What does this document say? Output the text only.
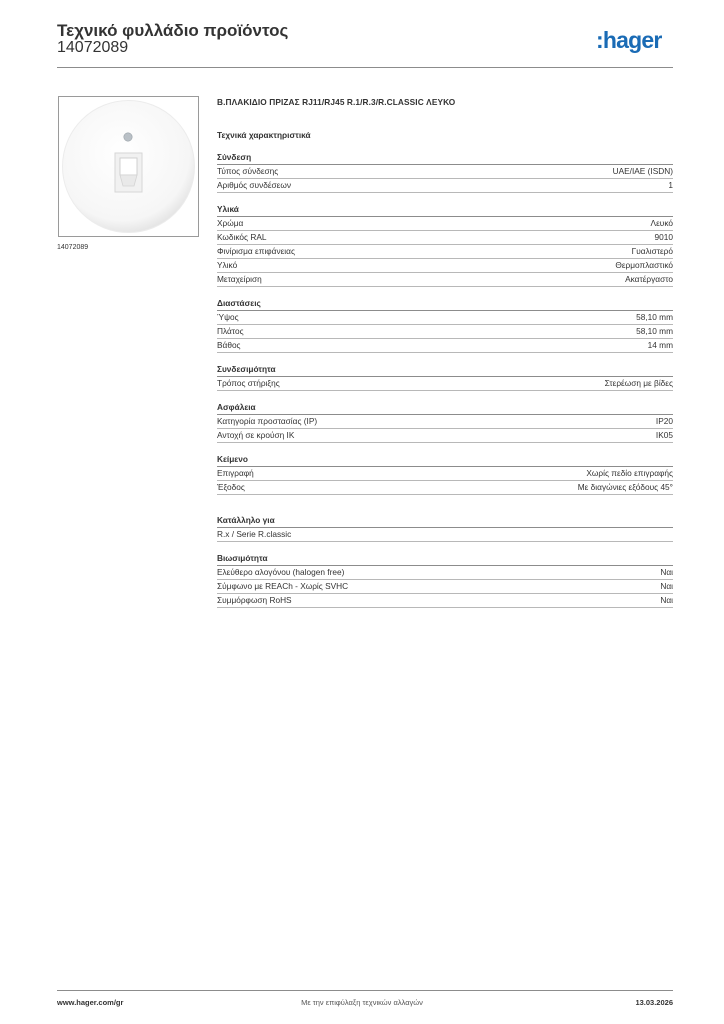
Τεχνικό φυλλάδιο προϊόντος
14072089	:hager
14072089
B.ΠΛΑΚΙΔΙΟ ΠΡΙΖΑΣ RJ11/RJ45 R.1/R.3/R.CLASSIC ΛΕΥΚΟ
Τεχνικά χαρακτηριστικά
Σύνδεση
Τύπος σύνδεσης	UAE/IAE (ISDN)
Αριθμός συνδέσεων	1
Υλικά
Χρώμα	Λευκό
Κωδικός RAL	9010
Φινίρισμα επιφάνειας	Γυαλιστερό
Υλικό	Θερμοπλαστικό
Μεταχείριση	Ακατέργαστο
Διαστάσεις
Ύψος	58,10 mm
Πλάτος	58,10 mm
Βάθος	14 mm
Συνδεσιμότητα
Τρόπος στήριξης	Στερέωση με βίδες
Ασφάλεια
Κατηγορία προστασίας (IP)	IP20
Αντοχή σε κρούση IK	IK05
Κείμενο
Επιγραφή	Χωρίς πεδίο επιγραφής
Έξοδος	Με διαγώνιες εξόδους 45°
Κατάλληλο για
R.x / Serie R.classic
Βιωσιμότητα
Ελεύθερο αλογόνου (halogen free)	Ναι
Σύμφωνο με REACh - Χωρίς SVHC	Ναι
Συμμόρφωση RoHS	Ναι
www.hager.com/gr	Με την επιφύλαξη τεχνικών αλλαγών	13.03.2026
